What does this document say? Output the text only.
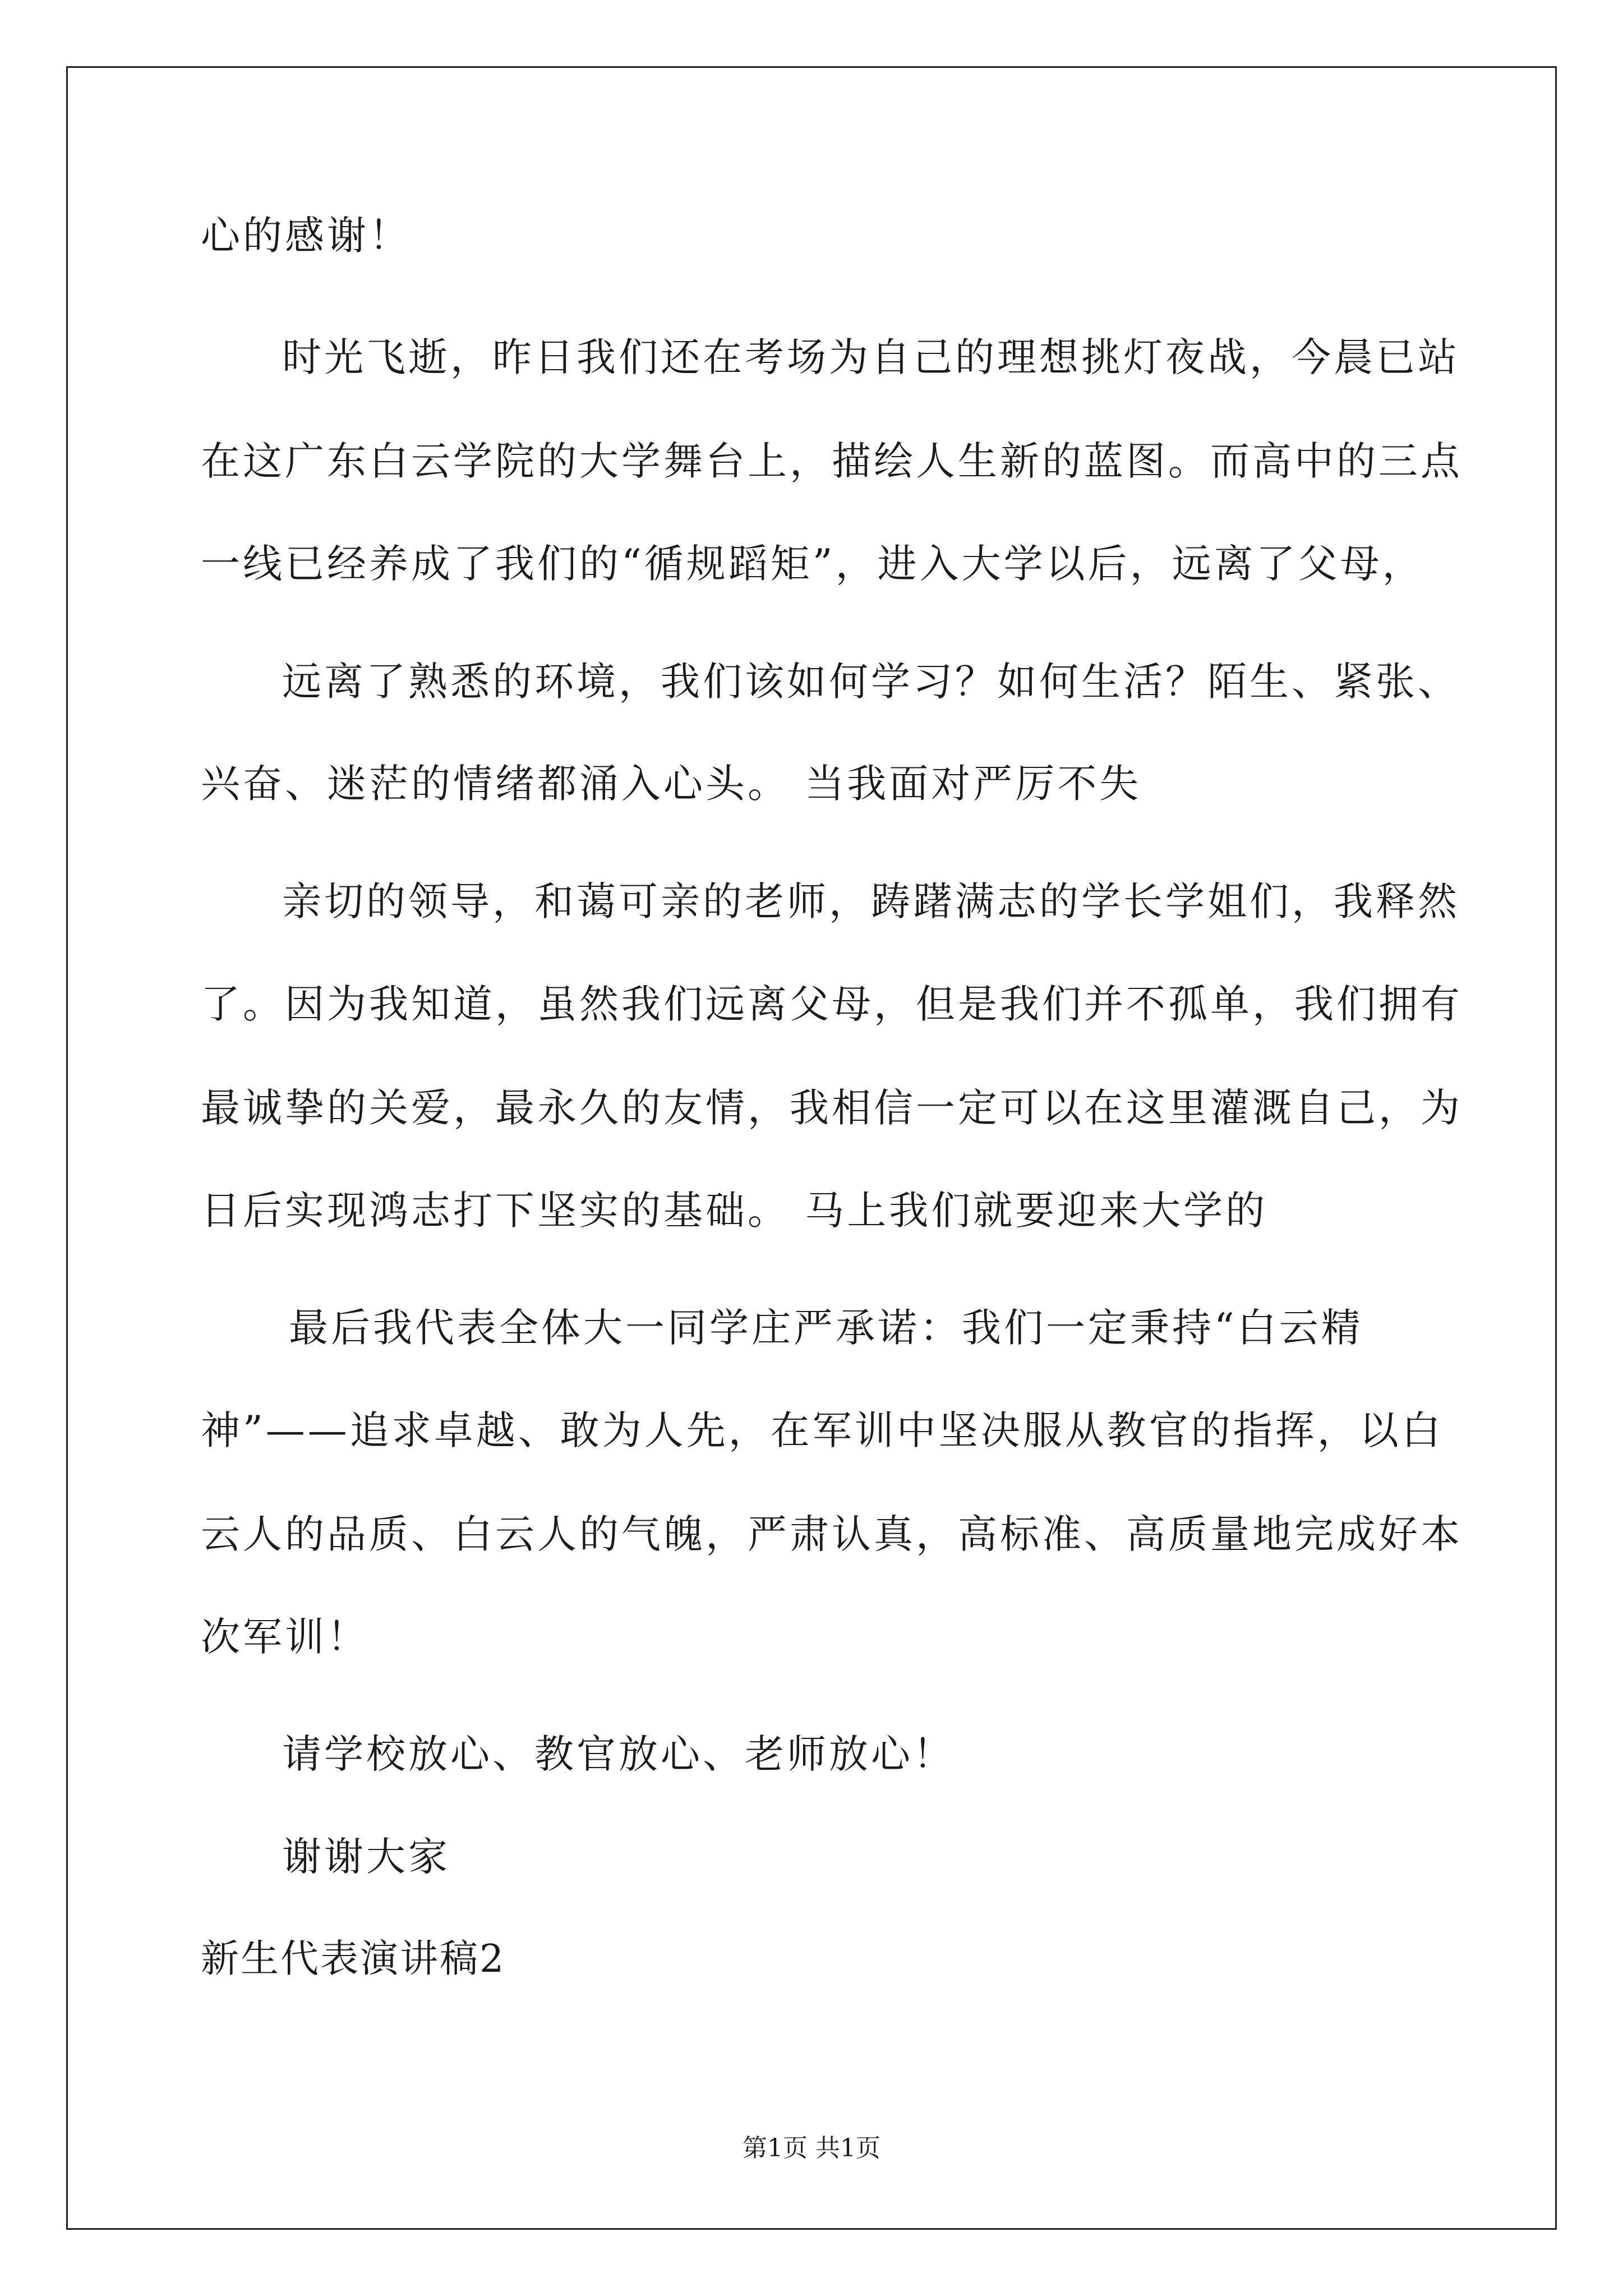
心的感谢！
时光飞逝，昨日我们还在考场为自己的理想挑灯夜战，今晨已站
在这广东白云学院的大学舞台上，描绘人生新的蓝图。而高中的三点
一线已经养成了我们的“循规蹈矩”，进入大学以后，远离了父母，
远离了熟悉的环境，我们该如何学习？如何生活？陌生、紧张、
兴奋、迷茫的情绪都涌入心头。 当我面对严厉不失
亲切的领导，和蔼可亲的老师，踌躇满志的学长学姐们，我释然
了。因为我知道，虽然我们远离父母，但是我们并不孤单，我们拥有
最诚挚的关爱，最永久的友情，我相信一定可以在这里灌溉自己，为
日后实现鸿志打下坚实的基础。 马上我们就要迎来大学的
最后我代表全体大一同学庄严承诺：我们一定秉持“白云精
神”——追求卓越、敢为人先，在军训中坚决服从教官的指挥，以白
云人的品质、白云人的气魄，严肃认真，高标准、高质量地完成好本
次军训！
请学校放心、教官放心、老师放心！
谢谢大家
新生代表演讲稿2
第1页 共1页
